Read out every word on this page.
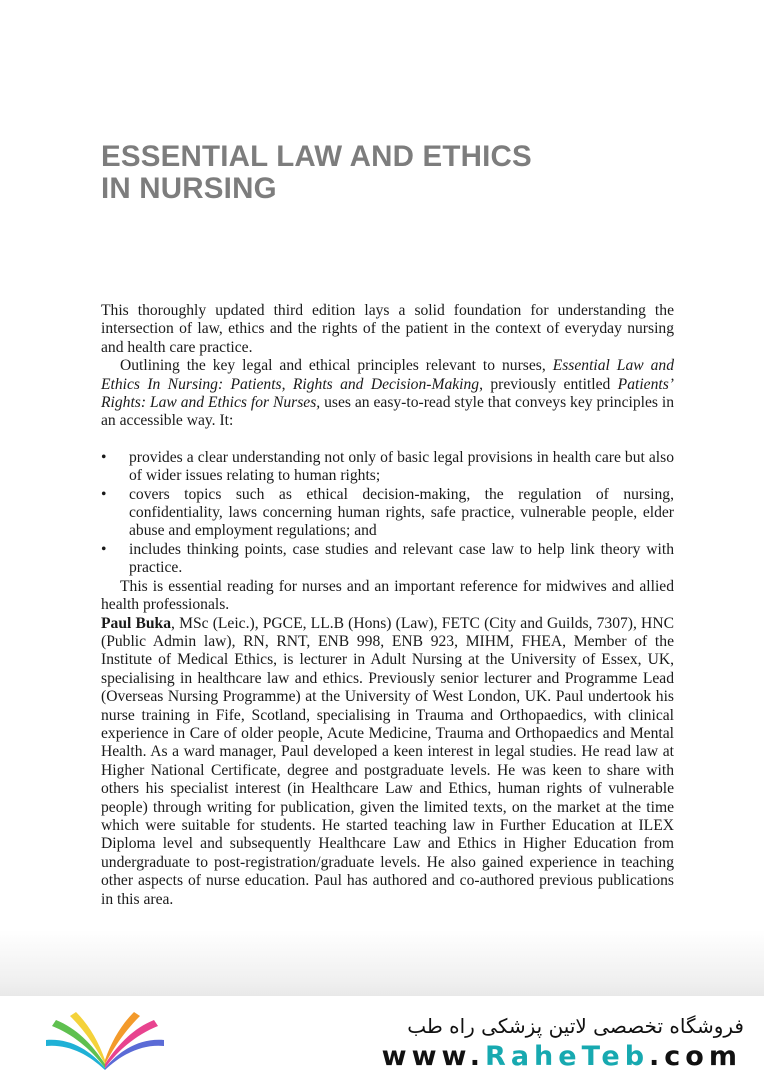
ESSENTIAL LAW AND ETHICS
IN NURSING

This thoroughly updated third edition lays a solid foundation for understanding the intersection of law, ethics and the rights of the patient in the context of everyday nursing and health care practice.

Outlining the key legal and ethical principles relevant to nurses, Essential Law and Ethics In Nursing: Patients, Rights and Decision-Making, previously entitled Patients’ Rights: Law and Ethics for Nurses, uses an easy-to-read style that conveys key principles in an accessible way. It:

• provides a clear understanding not only of basic legal provisions in health care but also of wider issues relating to human rights;
• covers topics such as ethical decision-making, the regulation of nursing, confidentiality, laws concerning human rights, safe practice, vulnerable people, elder abuse and employment regulations; and
• includes thinking points, case studies and relevant case law to help link theory with practice.

This is essential reading for nurses and an important reference for midwives and allied health professionals.

Paul Buka, MSc (Leic.), PGCE, LL.B (Hons) (Law), FETC (City and Guilds, 7307), HNC (Public Admin law), RN, RNT, ENB 998, ENB 923, MIHM, FHEA, Member of the Institute of Medical Ethics, is lecturer in Adult Nursing at the University of Essex, UK, specialising in healthcare law and ethics. Previously senior lecturer and Programme Lead (Overseas Nursing Programme) at the University of West London, UK. Paul undertook his nurse training in Fife, Scotland, specialising in Trauma and Orthopaedics, with clinical experience in Care of older people, Acute Medicine, Trauma and Orthopaedics and Mental Health. As a ward manager, Paul developed a keen interest in legal studies. He read law at Higher National Certificate, degree and postgraduate levels. He was keen to share with others his specialist interest (in Healthcare Law and Ethics, human rights of vulnerable people) through writing for publication, given the limited texts, on the market at the time which were suitable for students. He started teaching law in Further Education at ILEX Diploma level and subsequently Healthcare Law and Ethics in Higher Education from undergraduate to post-registration/graduate levels. He also gained experience in teaching other aspects of nurse education. Paul has authored and co-authored previous publications in this area.

فروشگاه تخصصی لاتین پزشکی راه طب
www.RaheTeb.com
